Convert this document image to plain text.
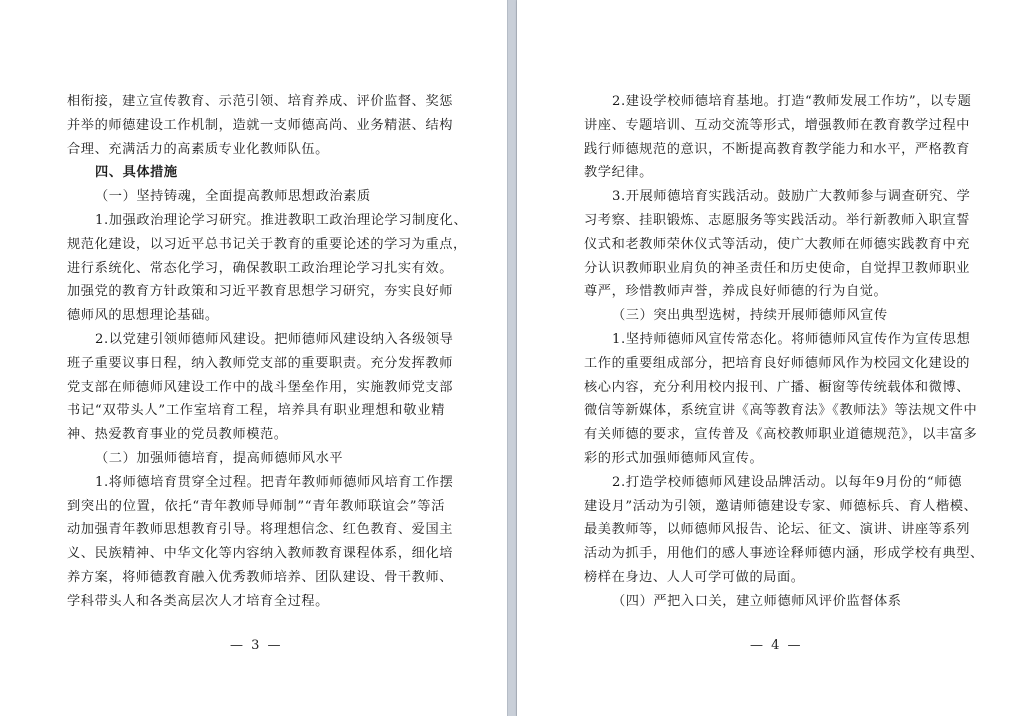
相衔接，建立宣传教育、示范引领、培育养成、评价监督、奖惩
并举的师德建设工作机制，造就一支师德高尚、业务精湛、结构
合理、充满活力的高素质专业化教师队伍。
四、具体措施
（一）坚持铸魂，全面提高教师思想政治素质
1.加强政治理论学习研究。推进教职工政治理论学习制度化、
规范化建设，以习近平总书记关于教育的重要论述的学习为重点，
进行系统化、常态化学习，确保教职工政治理论学习扎实有效。
加强党的教育方针政策和习近平教育思想学习研究，夯实良好师
德师风的思想理论基础。
2.以党建引领师德师风建设。把师德师风建设纳入各级领导
班子重要议事日程，纳入教师党支部的重要职责。充分发挥教师
党支部在师德师风建设工作中的战斗堡垒作用，实施教师党支部
书记“双带头人”工作室培育工程，培养具有职业理想和敬业精
神、热爱教育事业的党员教师模范。
（二）加强师德培育，提高师德师风水平
1.将师德培育贯穿全过程。把青年教师师德师风培育工作摆
到突出的位置，依托“青年教师导师制”“青年教师联谊会”等活
动加强青年教师思想教育引导。将理想信念、红色教育、爱国主
义、民族精神、中华文化等内容纳入教师教育课程体系，细化培
养方案，将师德教育融入优秀教师培养、团队建设、骨干教师、
学科带头人和各类高层次人才培育全过程。
— 3 —
2.建设学校师德培育基地。打造“教师发展工作坊”，以专题
讲座、专题培训、互动交流等形式，增强教师在教育教学过程中
践行师德规范的意识，不断提高教育教学能力和水平，严格教育
教学纪律。
3.开展师德培育实践活动。鼓励广大教师参与调查研究、学
习考察、挂职锻炼、志愿服务等实践活动。举行新教师入职宣誓
仪式和老教师荣休仪式等活动，使广大教师在师德实践教育中充
分认识教师职业肩负的神圣责任和历史使命，自觉捍卫教师职业
尊严，珍惜教师声誉，养成良好师德的行为自觉。
（三）突出典型选树，持续开展师德师风宣传
1.坚持师德师风宣传常态化。将师德师风宣传作为宣传思想
工作的重要组成部分，把培育良好师德师风作为校园文化建设的
核心内容，充分利用校内报刊、广播、橱窗等传统载体和微博、
微信等新媒体，系统宣讲《高等教育法》《教师法》等法规文件中
有关师德的要求，宣传普及《高校教师职业道德规范》，以丰富多
彩的形式加强师德师风宣传。
2.打造学校师德师风建设品牌活动。以每年9月份的“师德
建设月”活动为引领，邀请师德建设专家、师德标兵、育人楷模、
最美教师等，以师德师风报告、论坛、征文、演讲、讲座等系列
活动为抓手，用他们的感人事迹诠释师德内涵，形成学校有典型、
榜样在身边、人人可学可做的局面。
（四）严把入口关，建立师德师风评价监督体系
— 4 —
